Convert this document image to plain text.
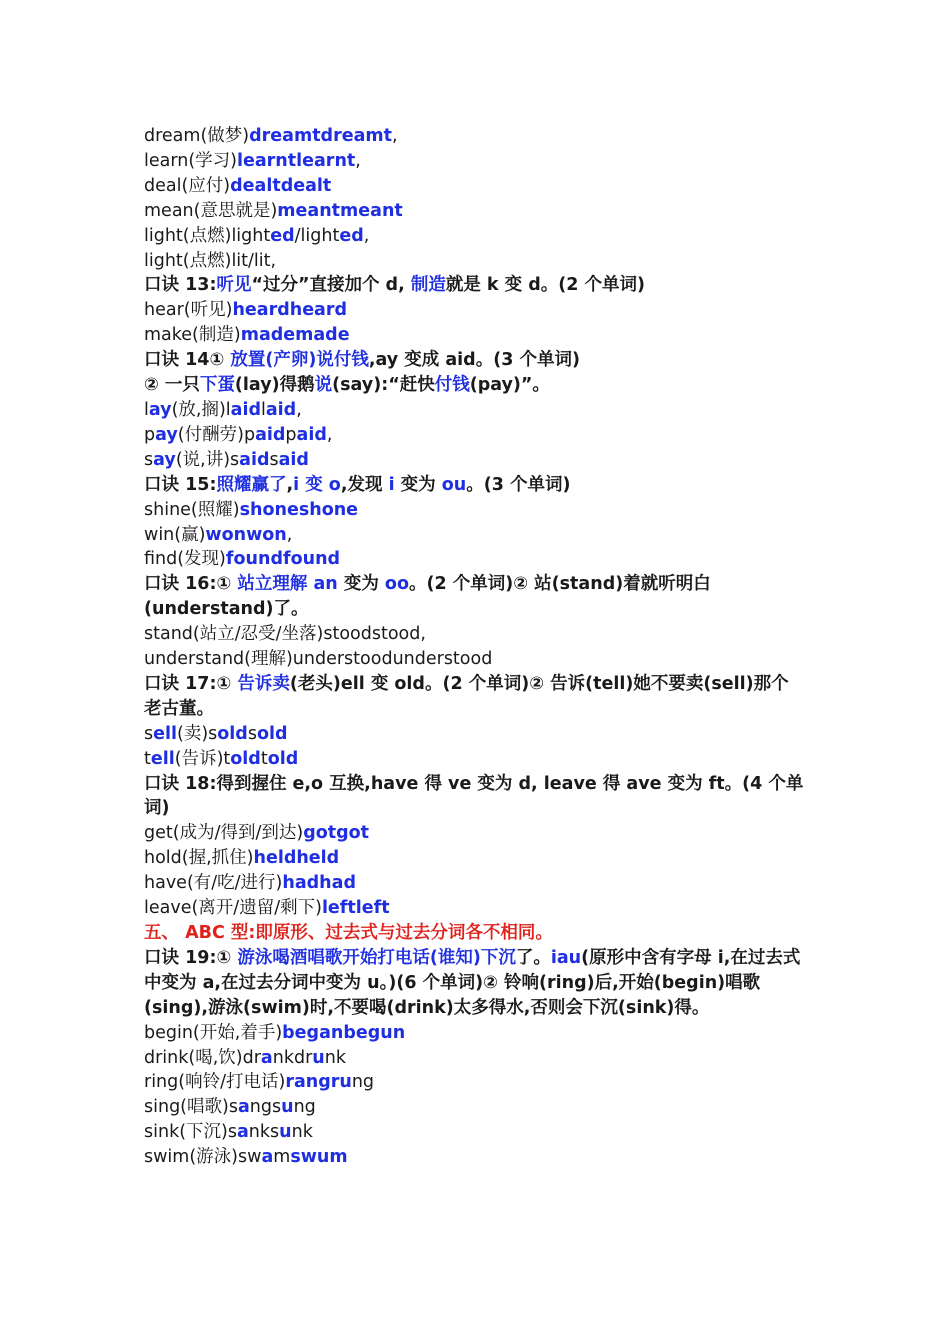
dream(做梦)dreamtdreamt,
learn(学习)learntlearnt,
deal(应付)dealtdealt
mean(意思就是)meantmeant
light(点燃)lighted/lighted,
light(点燃)lit/lit,
口诀 13:听见“过分”直接加个 d, 制造就是 k 变 d。(2 个单词)
hear(听见)heardheard
make(制造)mademade
口诀 14① 放置(产卵)说付钱,ay 变成 aid。(3 个单词)
② 一只下蛋(lay)得鹅说(say):“赶快付钱(pay)”。
lay(放,搁)laidlaid,
pay(付酬劳)paidpaid,
say(说,讲)saidsaid
口诀 15:照耀赢了,i 变 o,发现 i 变为 ou。(3 个单词)
shine(照耀)shoneshone
win(赢)wonwon,
find(发现)foundfound
口诀 16:① 站立理解 an 变为 oo。(2 个单词)② 站(stand)着就听明白 (understand)了。
stand(站立/忍受/坐落)stoodstood,
understand(理解)understoodunderstood
口诀 17:① 告诉卖(老头)ell 变 old。(2 个单词)② 告诉(tell)她不要卖(sell)那个老古董。
sell(卖)soldsold
tell(告诉)toldtold
口诀 18:得到握住 e,o 互换,have 得 ve 变为 d, leave 得 ave 变为 ft。(4 个单 词)
get(成为/得到/到达)gotgot
hold(握,抓住)heldheld
have(有/吃/进行)hadhad
leave(离开/遗留/剩下)leftleft
五、 ABC 型:即原形、过去式与过去分词各不相同。
口诀 19:① 游泳喝酒唱歌开始打电话(谁知)下沉了。iau(原形中含有字母 i,在过去式中变为 a,在过去分词中变为 u。)(6 个单词)② 铃响(ring)后,开始(begin)唱歌 (sing),游泳(swim)时,不要喝(drink)太多得水,否则会下沉(sink)得。
begin(开始,着手)beganbegun
drink(喝,饮)drankdrunk
ring(响铃/打电话)rangrung
sing(唱歌)sangsung
sink(下沉)sanksunk
swim(游泳)swamswum
